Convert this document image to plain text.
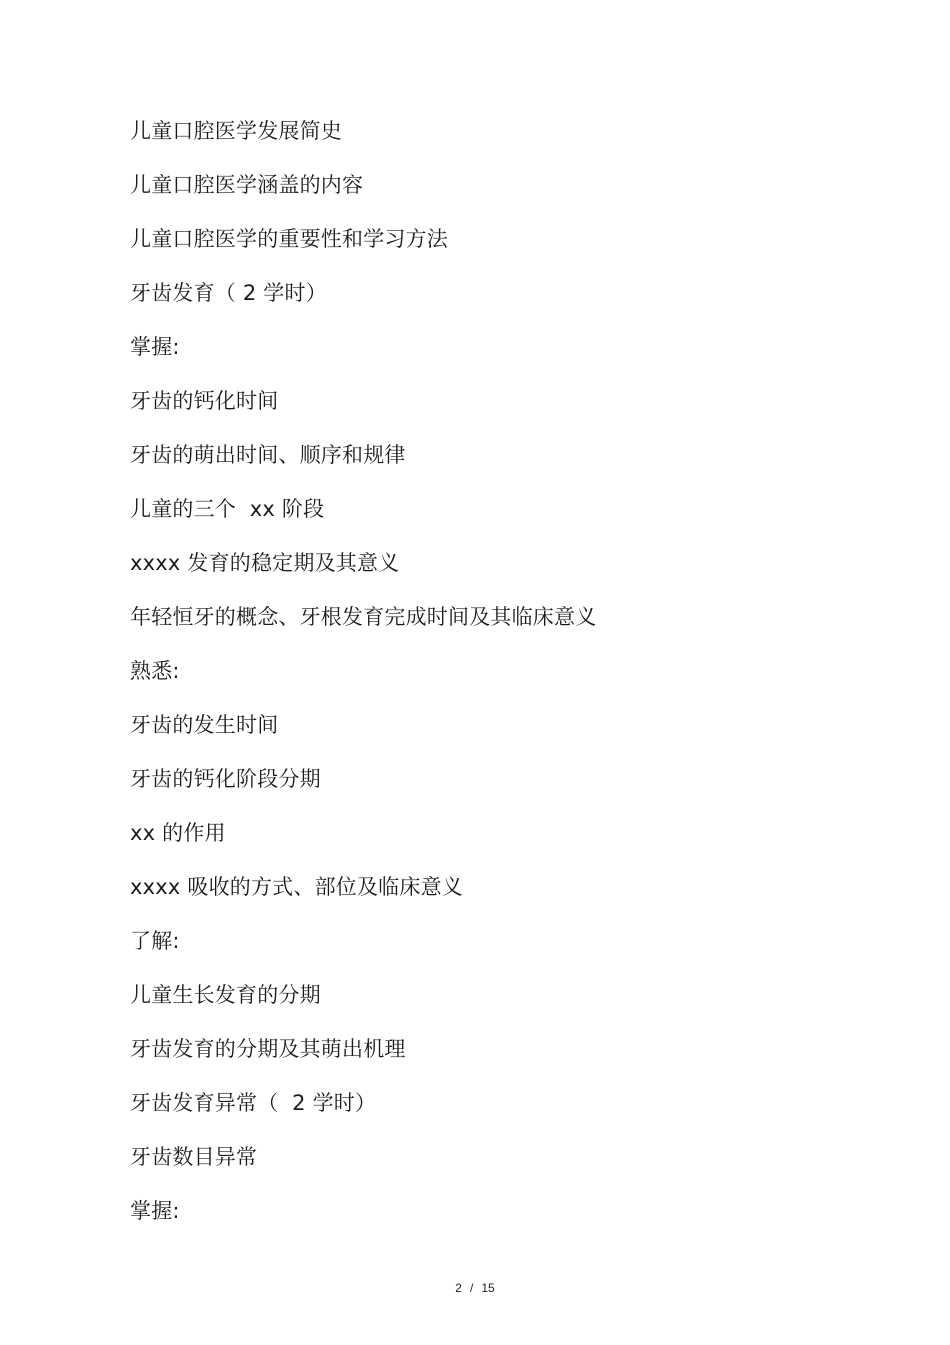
儿童口腔医学发展简史
儿童口腔医学涵盖的内容
儿童口腔医学的重要性和学习方法
牙齿发育（ 2 学时）
掌握:
牙齿的钙化时间
牙齿的萌出时间、顺序和规律
儿童的三个  xx 阶段
xxxx 发育的稳定期及其意义
年轻恒牙的概念、牙根发育完成时间及其临床意义
熟悉:
牙齿的发生时间
牙齿的钙化阶段分期
xx 的作用
xxxx 吸收的方式、部位及临床意义
了解:
儿童生长发育的分期
牙齿发育的分期及其萌出机理
牙齿发育异常（  2 学时）
牙齿数目异常
掌握:
2 / 15
